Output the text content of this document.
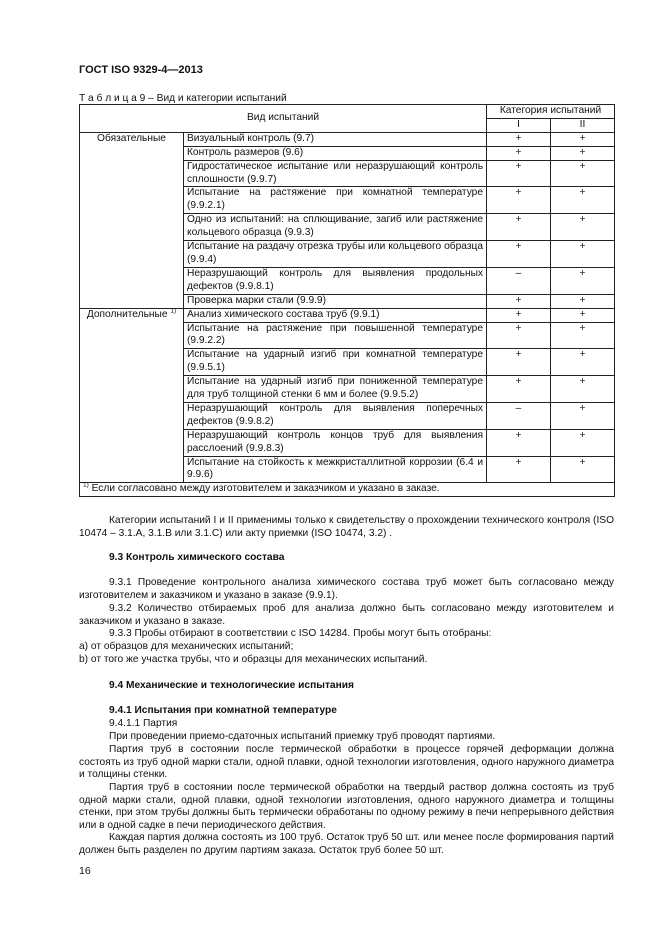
ГОСТ ISO 9329-4—2013
Т а б л и ц а 9 – Вид и категории испытаний
Вид испытаний		Категория испытаний	
		I	II
Обязательные	Визуальный контроль (9.7)	+	+
	Контроль размеров (9.6)	+	+
	Гидростатическое испытание или неразрушающий контроль сплошности (9.9.7)	+	+
	Испытание на растяжение при комнатной температуре (9.9.2.1)	+	+
	Одно из испытаний: на сплющивание, загиб или растяжение кольцевого образца (9.9.3)	+	+
	Испытание на раздачу отрезка трубы или кольцевого образца (9.9.4)	+	+
	Неразрушающий контроль для выявления продольных дефектов (9.9.8.1)	–	+
	Проверка марки стали (9.9.9)	+	+
Дополнительные $^{1)}$	Анализ химического состава труб (9.9.1)	+	+
	Испытание на растяжение при повышенной температуре (9.9.2.2)	+	+
	Испытание на ударный изгиб при комнатной температуре (9.9.5.1)	+	+
	Испытание на ударный изгиб при пониженной температуре для труб толщиной стенки 6 мм и более (9.9.5.2)	+	+
	Неразрушающий контроль для выявления поперечных дефектов (9.9.8.2)	–	+
	Неразрушающий контроль концов труб для выявления расслоений (9.9.8.3)	+	+
	Испытание на стойкость к межкристаллитной коррозии (6.4 и 9.9.6)	+	+
$^{1)}$ Если согласовано между изготовителем и заказчиком и указано в заказе.			
Категории испытаний I и II применимы только к свидетельству о прохождении технического контроля (ISO 10474 – 3.1.А, 3.1.В или 3.1.С) или акту приемки (ISO 10474, 3.2) .
9.3 Контроль химического состава
9.3.1 Проведение контрольного анализа химического состава труб может быть согласовано между изготовителем и заказчиком и указано в заказе (9.9.1).
9.3.2 Количество отбираемых проб для анализа должно быть согласовано между изготовителем и заказчиком и указано в заказе.
9.3.3 Пробы отбирают в соответствии с ISO 14284. Пробы могут быть отобраны:
a) от образцов для механических испытаний;
b) от того же участка трубы, что и образцы для механических испытаний.
9.4 Механические и технологические испытания
9.4.1 Испытания при комнатной температуре
9.4.1.1 Партия
При проведении приемо-сдаточных испытаний приемку труб проводят партиями.
Партия труб в состоянии после термической обработки в процессе горячей деформации должна состоять из труб одной марки стали, одной плавки, одной технологии изготовления, одного наружного диаметра и толщины стенки.
Партия труб в состоянии после термической обработки на твердый раствор должна состоять из труб одной марки стали, одной плавки, одной технологии изготовления, одного наружного диаметра и толщины стенки, при этом трубы должны быть термически обработаны по одному режиму в печи непрерывного действия или в одной садке в печи периодического действия.
Каждая партия должна состоять из 100 труб. Остаток труб 50 шт. или менее после формирования партий должен быть разделен по другим партиям заказа. Остаток труб более 50 шт.
16
